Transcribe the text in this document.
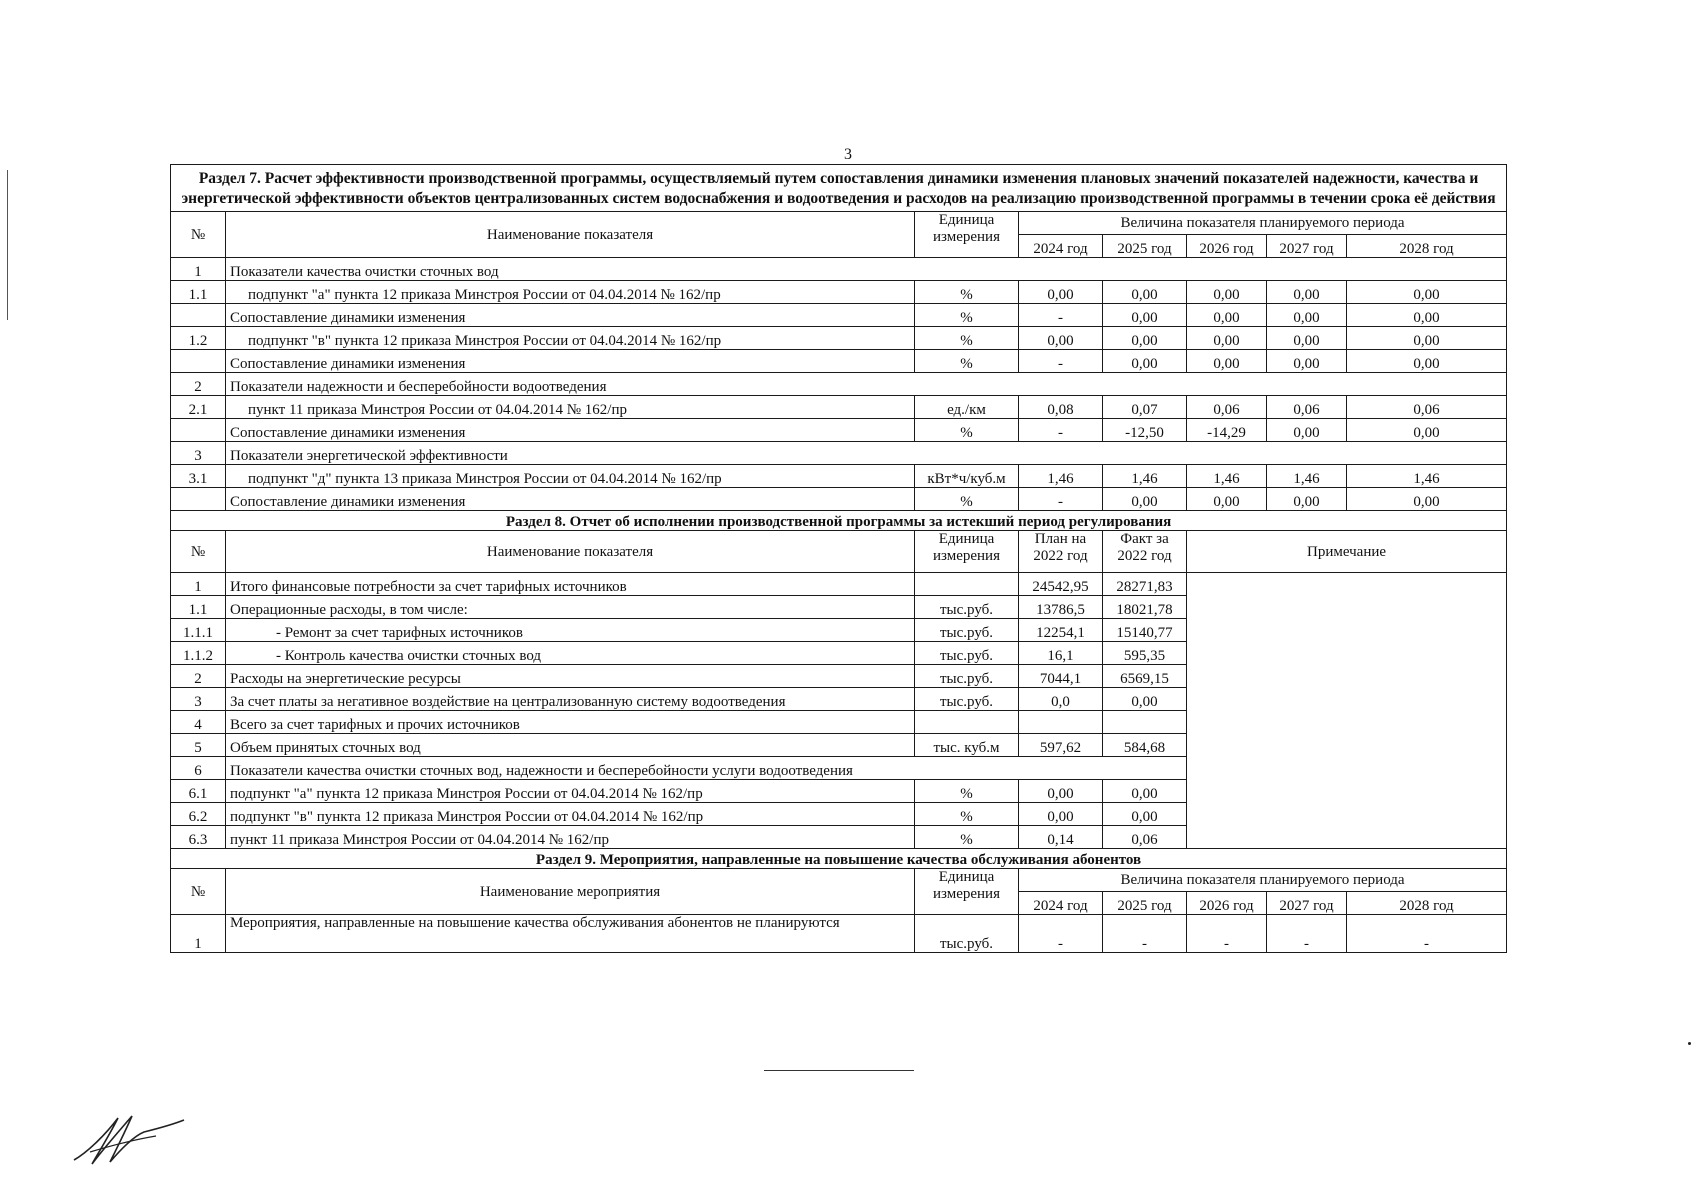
3
Раздел 7. Расчет эффективности производственной программы, осуществляемый путем сопоставления динамики изменения плановых значений показателей надежности, качества и энергетической эффективности объектов централизованных систем водоснабжения и водоотведения и расходов на реализацию производственной программы в течении срока её действия							
№	Наименование показателя	Единица измерения	Величина показателя планируемого периода				
			2024 год	2025 год	2026 год	2027 год	2028 год
1	Показатели качества очистки сточных вод						
1.1	подпункт "а" пункта 12 приказа Минстроя России от 04.04.2014 № 162/пр	%	0,00	0,00	0,00	0,00	0,00
	Сопоставление динамики изменения	%	-	0,00	0,00	0,00	0,00
1.2	подпункт "в" пункта 12 приказа Минстроя России от 04.04.2014 № 162/пр	%	0,00	0,00	0,00	0,00	0,00
	Сопоставление динамики изменения	%	-	0,00	0,00	0,00	0,00
2	Показатели надежности и бесперебойности водоотведения						
2.1	пункт 11 приказа Минстроя России от 04.04.2014 № 162/пр	ед./км	0,08	0,07	0,06	0,06	0,06
	Сопоставление динамики изменения	%	-	-12,50	-14,29	0,00	0,00
3	Показатели энергетической эффективности						
3.1	подпункт "д" пункта 13 приказа Минстроя России от 04.04.2014 № 162/пр	кВт*ч/куб.м	1,46	1,46	1,46	1,46	1,46
	Сопоставление динамики изменения	%	-	0,00	0,00	0,00	0,00
Раздел 8. Отчет об исполнении производственной программы за истекший период регулирования							
№	Наименование показателя	Единица измерения	План на 2022 год	Факт за 2022 год	Примечание		
1	Итого финансовые потребности за счет тарифных источников		24542,95	28271,83			
1.1	Операционные расходы, в том числе:	тыс.руб.	13786,5	18021,78			
1.1.1	- Ремонт за счет тарифных источников	тыс.руб.	12254,1	15140,77			
1.1.2	- Контроль качества очистки сточных вод	тыс.руб.	16,1	595,35			
2	Расходы на энергетические ресурсы	тыс.руб.	7044,1	6569,15			
3	За счет платы за негативное воздействие на централизованную систему водоотведения	тыс.руб.	0,0	0,00			
4	Всего за счет тарифных и прочих источников						
5	Объем принятых сточных вод	тыс. куб.м	597,62	584,68			
6	Показатели качества очистки сточных вод, надежности и бесперебойности услуги водоотведения						
6.1	подпункт "а" пункта 12 приказа Минстроя России от 04.04.2014 № 162/пр	%	0,00	0,00			
6.2	подпункт "в" пункта 12 приказа Минстроя России от 04.04.2014 № 162/пр	%	0,00	0,00			
6.3	пункт 11 приказа Минстроя России от 04.04.2014 № 162/пр	%	0,14	0,06			
Раздел 9. Мероприятия, направленные на повышение качества обслуживания абонентов							
№	Наименование мероприятия	Единица измерения	Величина показателя планируемого периода				
			2024 год	2025 год	2026 год	2027 год	2028 год
1	Мероприятия, направленные на повышение качества обслуживания абонентов не планируются	тыс.руб.	-	-	-	-	-
